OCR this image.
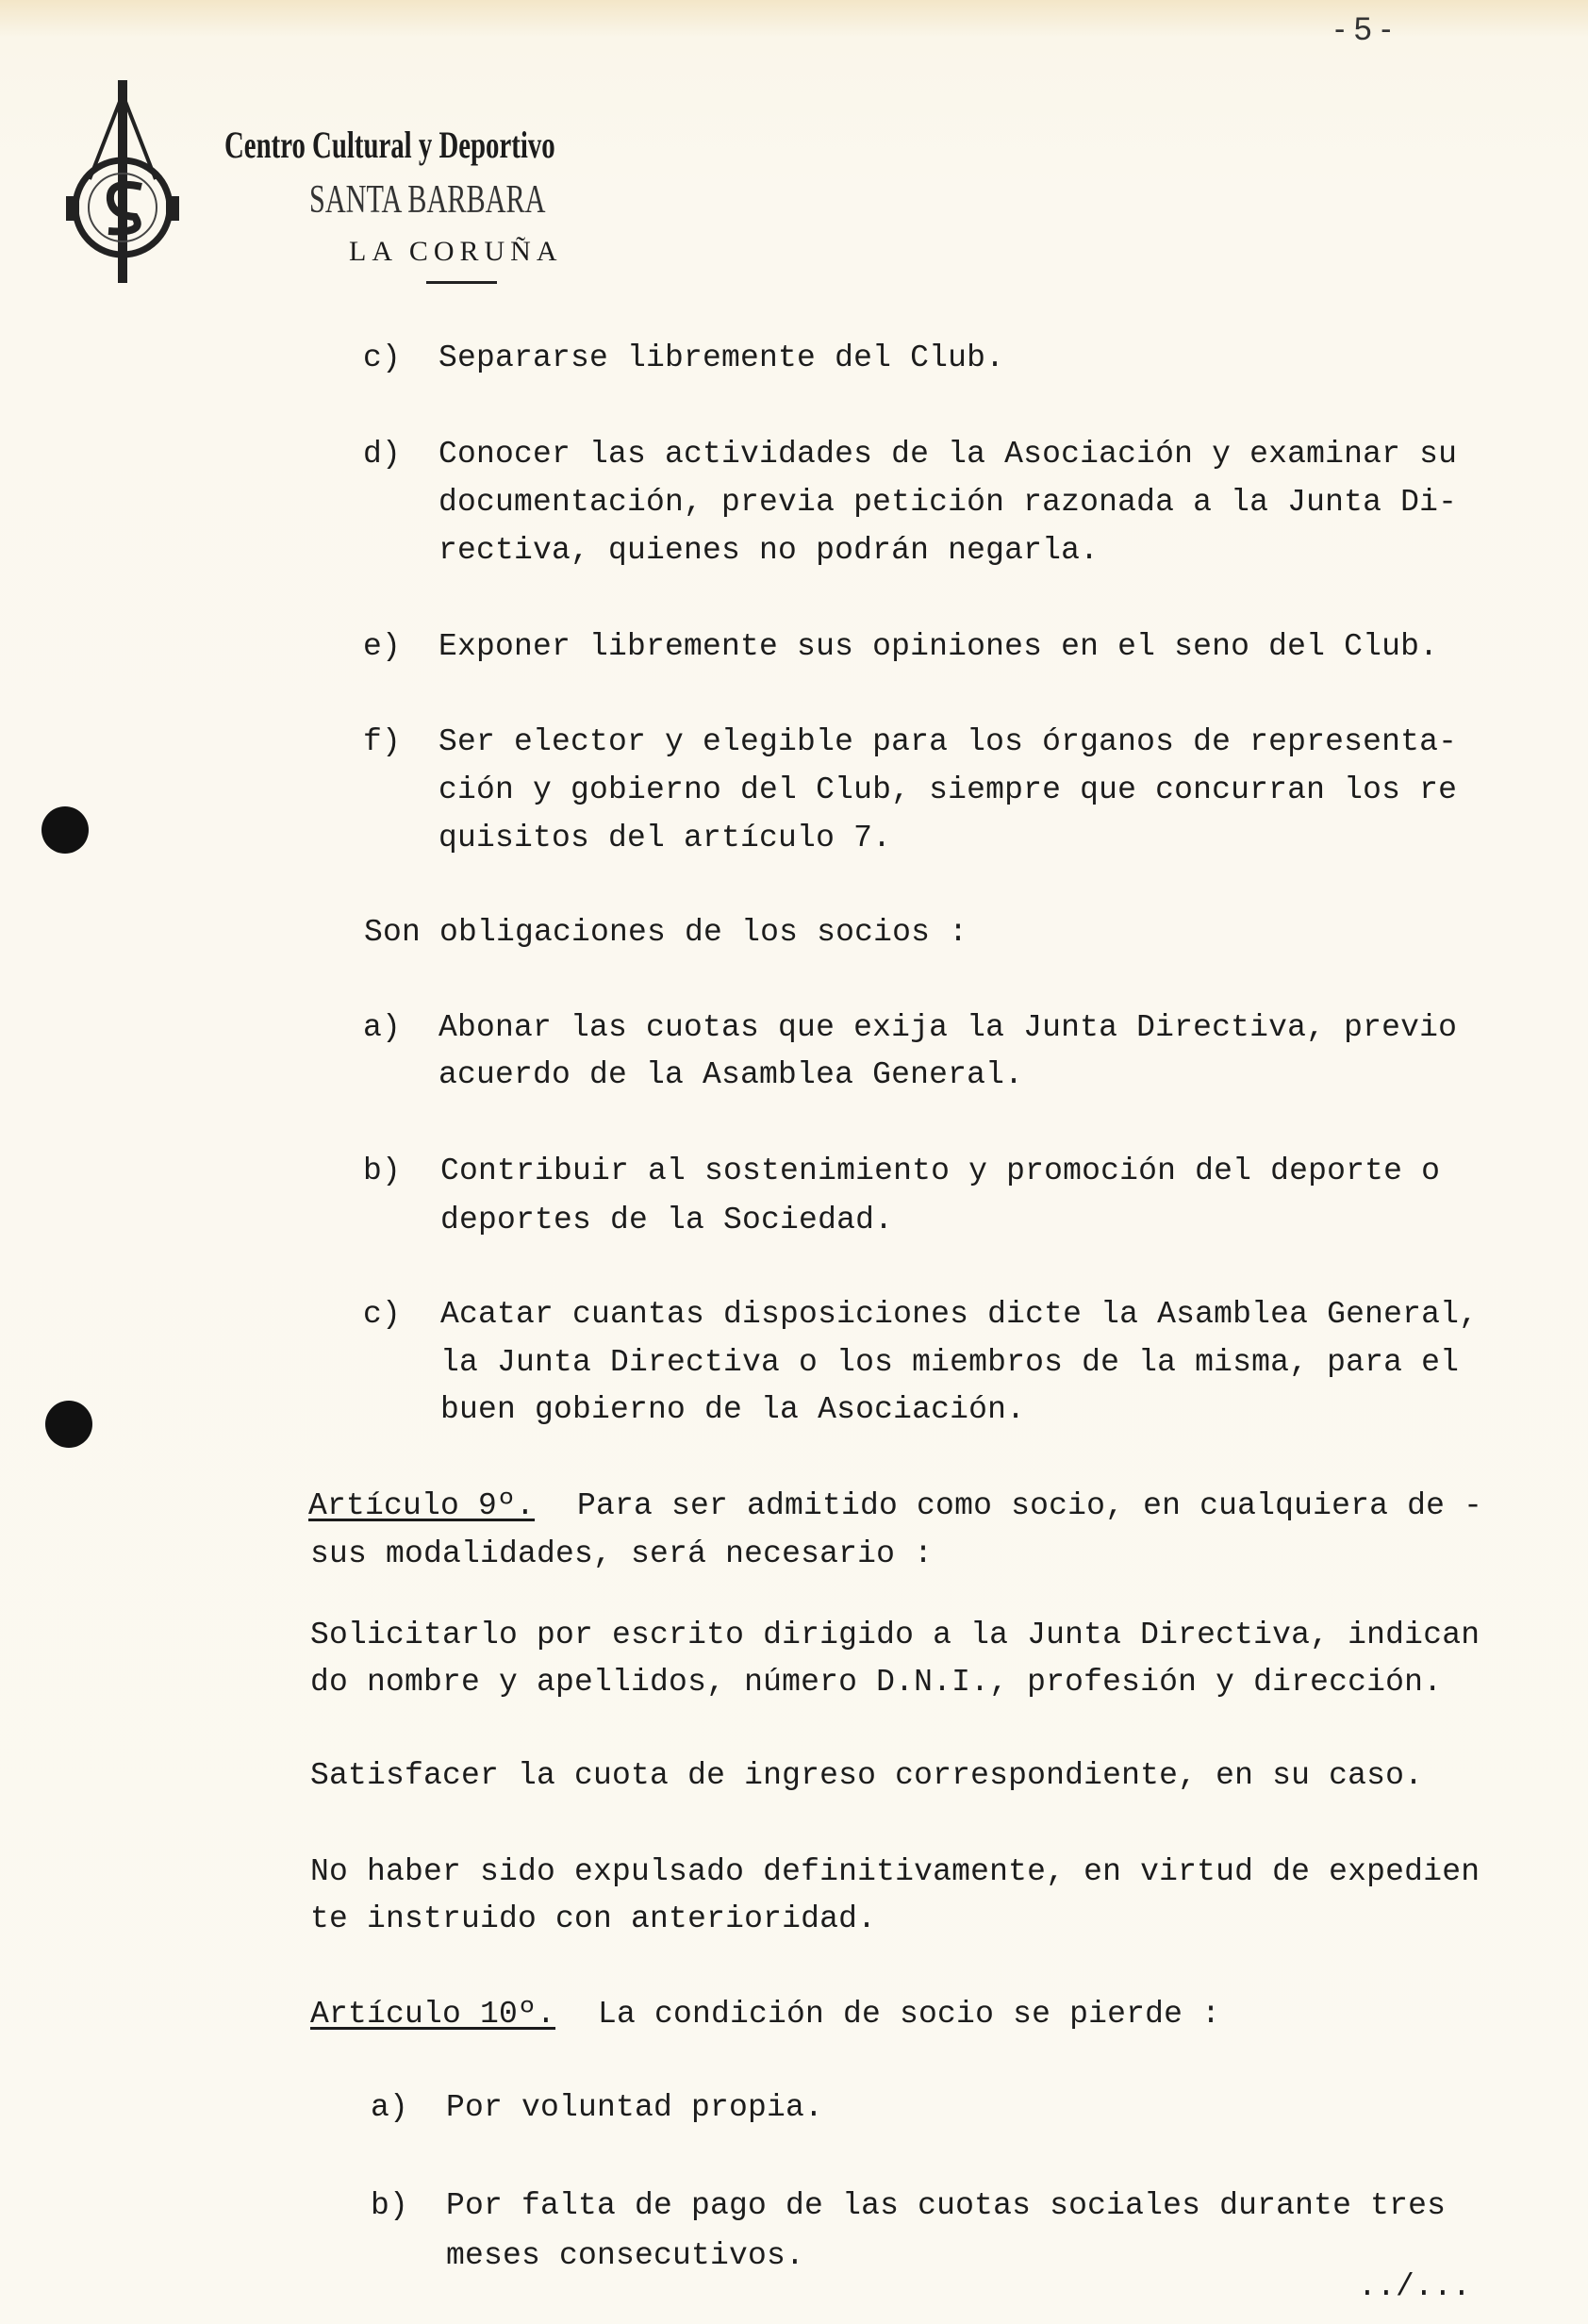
- 5 -
Centro Cultural y Deportivo
SANTA BARBARA
LA CORUÑA
c) Separarse libremente del Club.
d) Conocer las actividades de la Asociación y examinar su
documentación, previa petición razonada a la Junta Di-
rectiva, quienes no podrán negarla.
e) Exponer libremente sus opiniones en el seno del Club.
f) Ser elector y elegible para los órganos de representa-
ción y gobierno del Club, siempre que concurran los re
quisitos del artículo 7.
Son obligaciones de los socios :
a) Abonar las cuotas que exija la Junta Directiva, previo
acuerdo de la Asamblea General.
b) Contribuir al sostenimiento y promoción del deporte o
deportes de la Sociedad.
c) Acatar cuantas disposiciones dicte la Asamblea General,
la Junta Directiva o los miembros de la misma, para el
buen gobierno de la Asociación.
Artículo 9º. Para ser admitido como socio, en cualquiera de -
sus modalidades, será necesario :
Solicitarlo por escrito dirigido a la Junta Directiva, indican
do nombre y apellidos, número D.N.I., profesión y dirección.
Satisfacer la cuota de ingreso correspondiente, en su caso.
No haber sido expulsado definitivamente, en virtud de expedien
te instruido con anterioridad.
Artículo 10º. La condición de socio se pierde :
a) Por voluntad propia.
b) Por falta de pago de las cuotas sociales durante tres
meses consecutivos.
../...
